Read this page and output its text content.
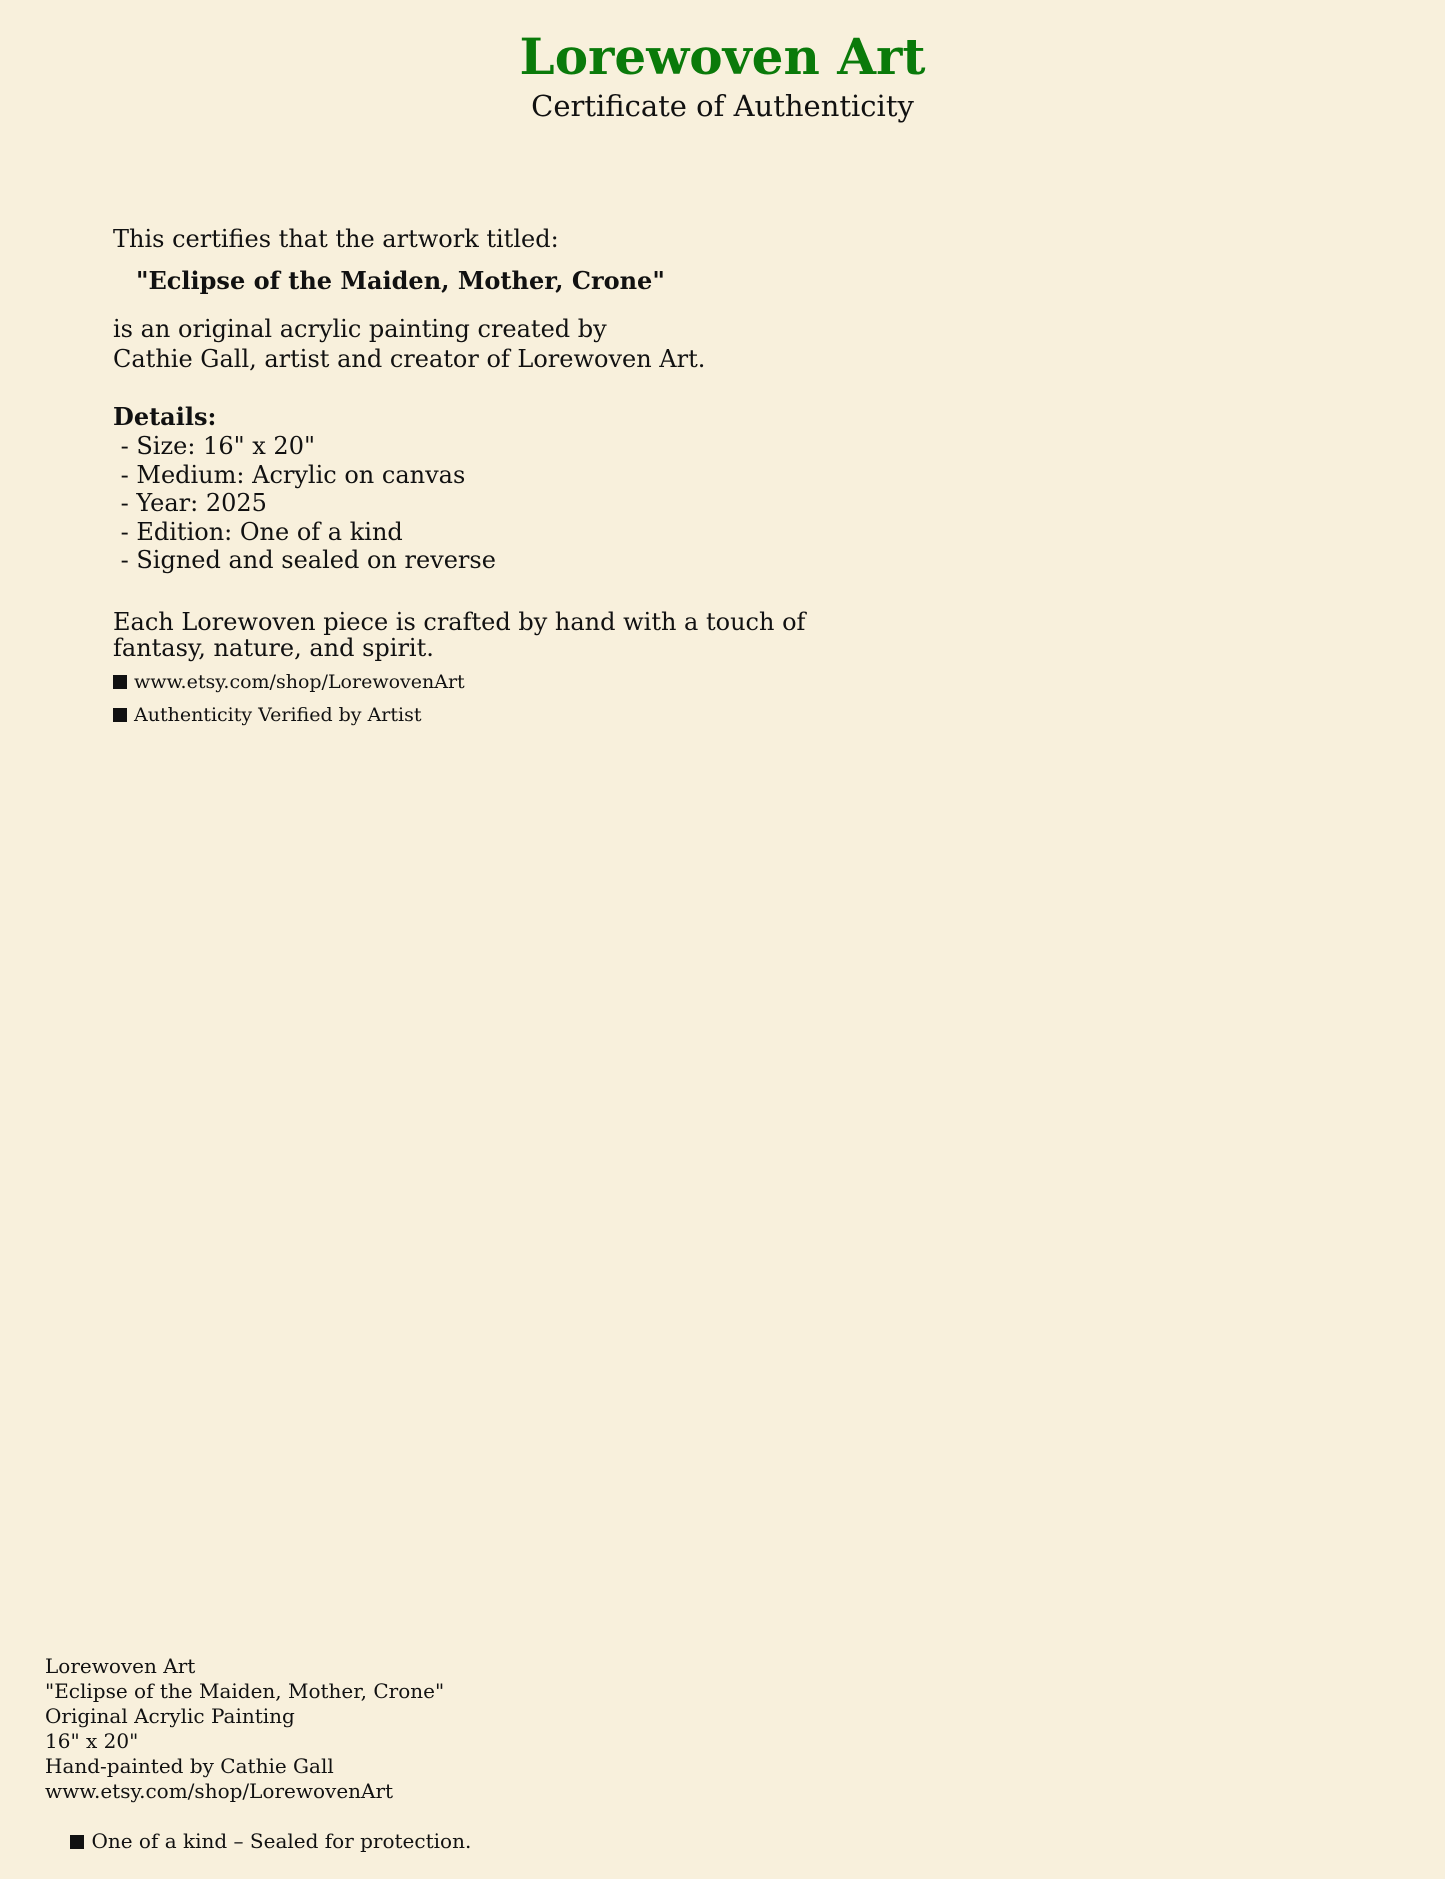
Lorewoven Art
Certificate of Authenticity
This certifies that the artwork titled:
"Eclipse of the Maiden, Mother, Crone"
is an original acrylic painting created by
Cathie Gall, artist and creator of Lorewoven Art.
Details:
- Size: 16" x 20"
- Medium: Acrylic on canvas
- Year: 2025
- Edition: One of a kind
- Signed and sealed on reverse
Each Lorewoven piece is crafted by hand with a touch of
fantasy, nature, and spirit.
www.etsy.com/shop/LorewovenArt
Authenticity Verified by Artist
Lorewoven Art
"Eclipse of the Maiden, Mother, Crone"
Original Acrylic Painting
16" x 20"
Hand-painted by Cathie Gall
www.etsy.com/shop/LorewovenArt

One of a kind – Sealed for protection.
